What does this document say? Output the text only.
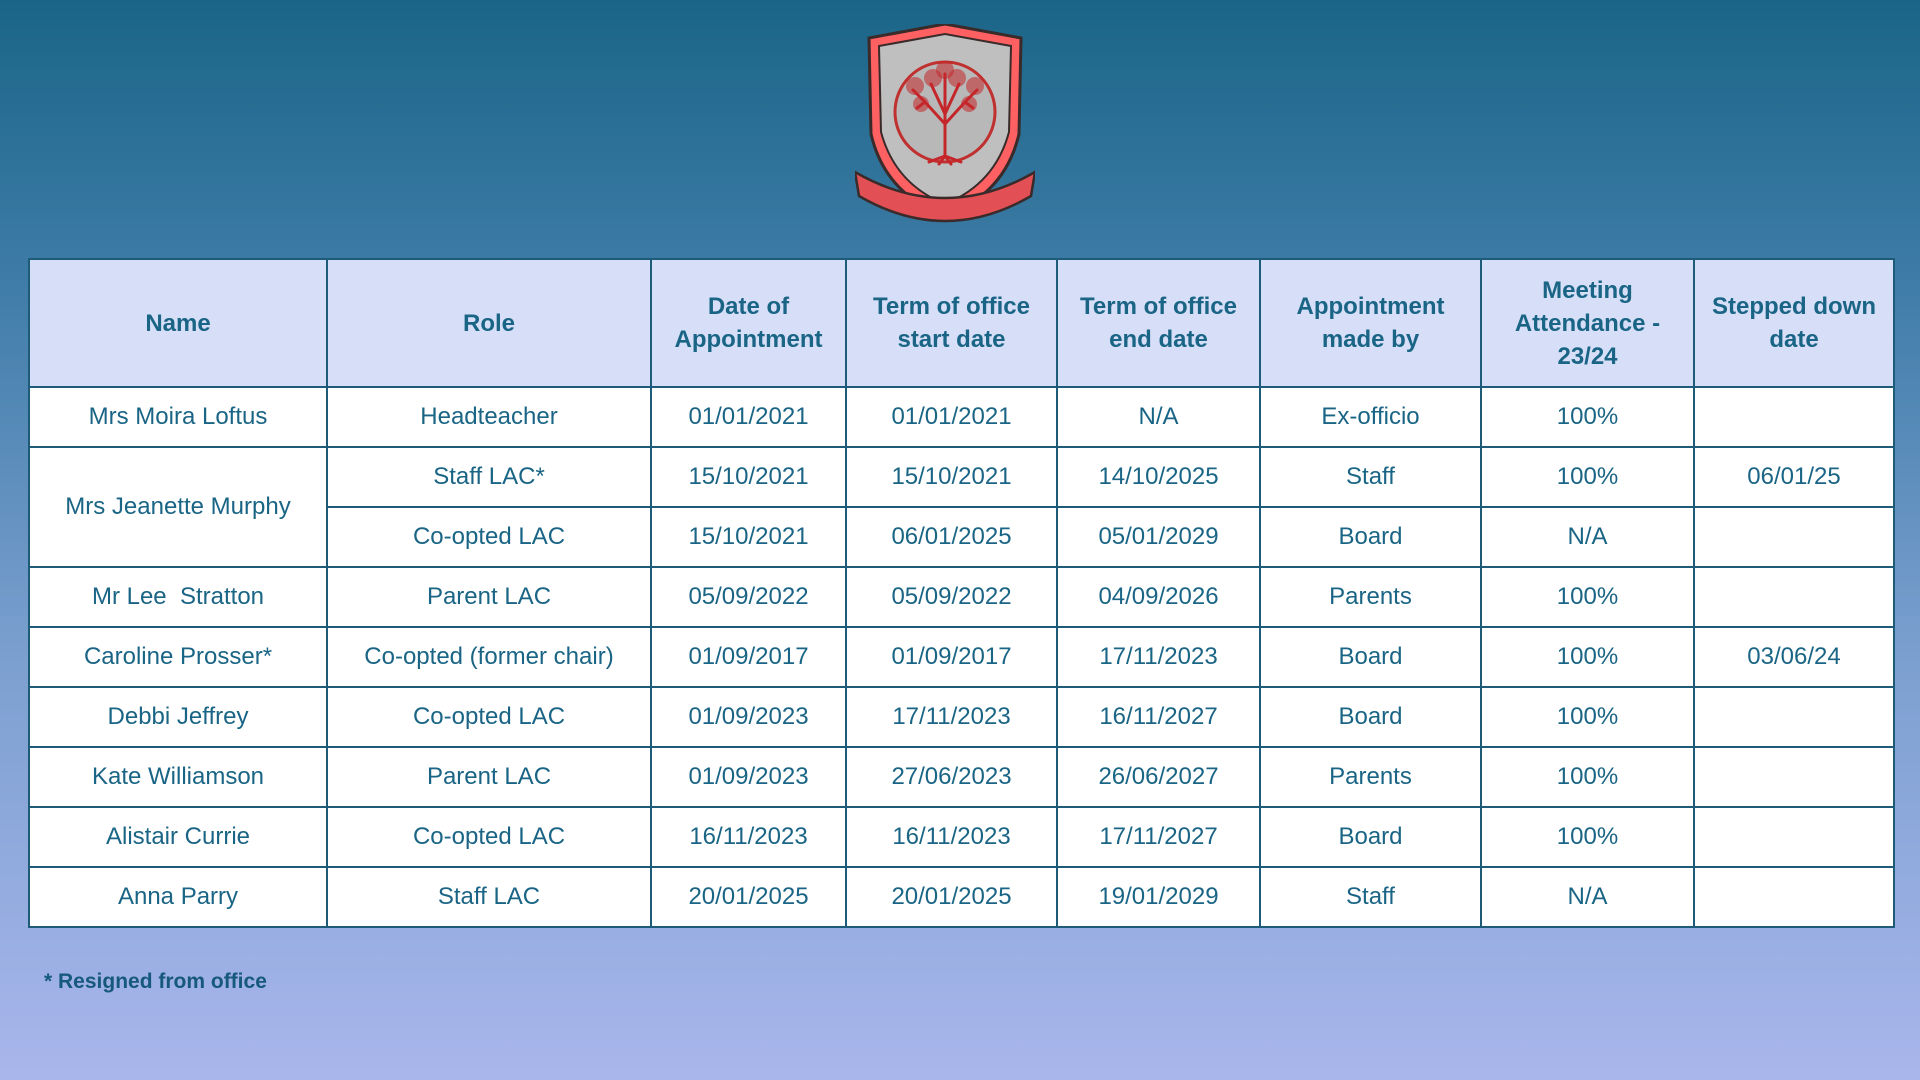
Name	Role	Date of Appointment	Term of office start date	Term of office end date	Appointment made by	Meeting Attendance - 23/24	Stepped down date
Mrs Moira Loftus	Headteacher	01/01/2021	01/01/2021	N/A	Ex-officio	100%	
Mrs Jeanette Murphy	Staff LAC*	15/10/2021	15/10/2021	14/10/2025	Staff	100%	06/01/25
	Co-opted LAC	15/10/2021	06/01/2025	05/01/2029	Board	N/A	
Mr Lee  Stratton	Parent LAC	05/09/2022	05/09/2022	04/09/2026	Parents	100%	
Caroline Prosser*	Co-opted (former chair)	01/09/2017	01/09/2017	17/11/2023	Board	100%	03/06/24
Debbi Jeffrey	Co-opted LAC	01/09/2023	17/11/2023	16/11/2027	Board	100%	
Kate Williamson	Parent LAC	01/09/2023	27/06/2023	26/06/2027	Parents	100%	
Alistair Currie	Co-opted LAC	16/11/2023	16/11/2023	17/11/2027	Board	100%	
Anna Parry	Staff LAC	20/01/2025	20/01/2025	19/01/2029	Staff	N/A	
* Resigned from office
